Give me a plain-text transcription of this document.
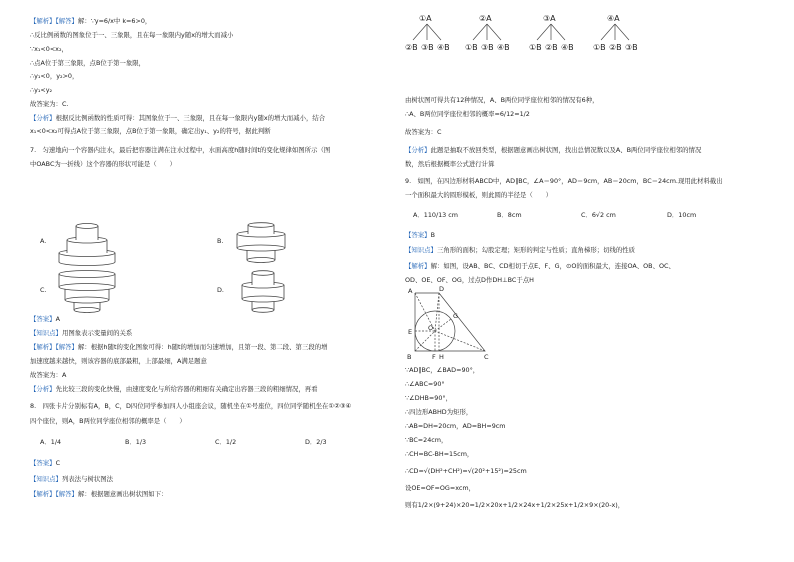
【解析】【解答】解：∵y=6/x中 k=6>0，
∴反比例函数的图象位于一、三象限，且在每一象限内y随x的增大而减小
∵x₁<0<x₂，
∴点A位于第三象限，点B位于第一象限，
∴y₁<0，y₂>0，
∴y₁<y₂
故答案为：C.
【分析】根据反比例函数的性质可得：其图象位于一、三象限，且在每一象限内y随x的增大而减小，结合
x₁<0<x₂可得点A位于第三象限，点B位于第一象限，确定出y₁、y₂的符号，据此判断
7.　匀速地向一个容器内注水，最后把容器注满在注水过程中，水面高度h随时间t的变化规律如图所示（图
中OABC为一折线）这个容器的形状可能是（　　）
A.	B.
C.	D.
【答案】A
【知识点】用图象表示变量间的关系
【解析】【解答】解：根据h随t的变化图象可得：h随t的增加而匀速增加，且第一段、第二段、第三段的增
加速度越来越快，则该容器的底部最粗，上部最细，A满足题意
故答案为：A
【分析】先比较三段的变化快慢，由速度变化与所给容器的粗细有关确定出容器三段的粗细情况，再看
8.　四张卡片分别标有A，B，C，D四位同学参加四人小组座会议，随机坐在①号座位，四位同学随机坐在①②③④
四个座位，则A，B两位同学座位相邻的概率是（　　）
A．1/4	B．1/3	C．1/2	D．2/3
【答案】C
【知识点】列表法与树状图法
【解析】【解答】解：根据题意画出树状图如下：
①A	②A	③A	④A
②B ③B ④B ①B ③B ④B ①B ②B ④B ①B ②B ③B
由树状图可得共有12种情况，A、B两位同学座位相邻的情况有6种，
∴A、B两位同学座位相邻的概率=6/12=1/2
故答案为：C
【分析】此题是抽取不放回类型，根据题意画出树状图，找出总情况数以及A、B两位同学座位相邻的情况
数，然后根据概率公式进行计算
9.　如图，在四边形材料ABCD中，AD∥BC，∠A＝90°，AD＝9cm，AB＝20cm，BC＝24cm.现用此材料截出
一个面积最大的圆形模板，则此圆的半径是（　　）
A．110/13 cm	B．8cm	C．6√2 cm	D．10cm
【答案】B
【知识点】三角形的面积；勾股定理；矩形的判定与性质；直角梯形；切线的性质
【解析】解：如图，设AB、BC、CD相切于点E、F、G，⊙O的面积最大，连接OA、OB、OC、
OD、OE、OF、OG，过点D作DH⊥BC于点H
A	D
B	C
E O
G
F H
∵AD∥BC，∠BAD=90°，
∴∠ABC=90°
∵∠DHB=90°，
∴四边形ABHD为矩形，
∴AB=DH=20cm，AD=BH=9cm
∵BC=24cm，
∴CH=BC-BH=15cm，
∴CD=√(DH²+CH²)=√(20²+15²)=25cm
设OE=OF=OG=xcm，
则有1/2×(9+24)×20=1/2×20x+1/2×24x+1/2×25x+1/2×9×(20-x)，
